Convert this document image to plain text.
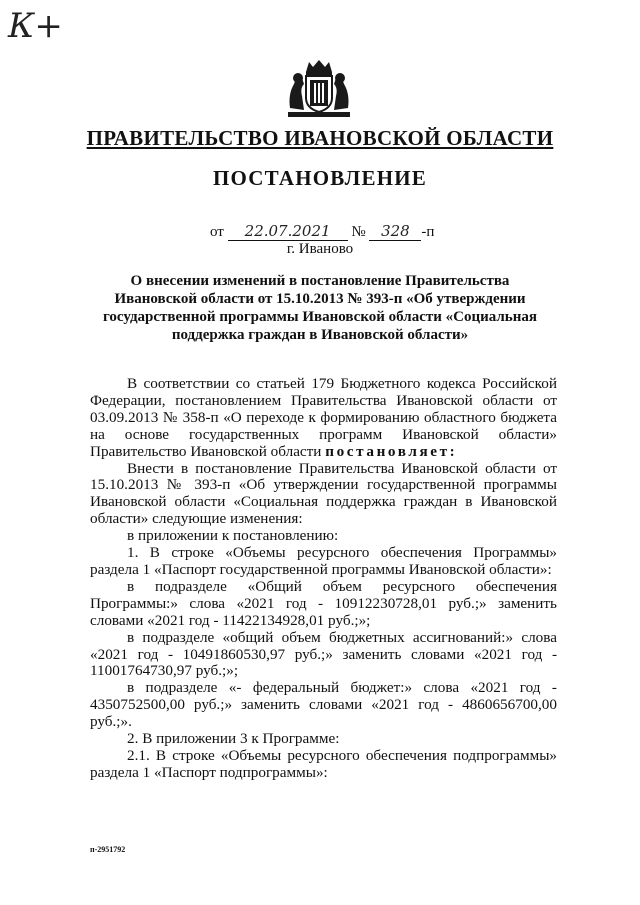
К+
ПРАВИТЕЛЬСТВО ИВАНОВСКОЙ ОБЛАСТИ
ПОСТАНОВЛЕНИЕ
от 22.07.2021 № 328 -п
г. Иваново
О внесении изменений в постановление Правительства
Ивановской области от 15.10.2013 № 393-п «Об утверждении
государственной программы Ивановской области «Социальная
поддержка граждан в Ивановской области»

В соответствии со статьей 179 Бюджетного кодекса Российской Федерации, постановлением Правительства Ивановской области от 03.09.2013 № 358-п «О переходе к формированию областного бюджета на основе государственных программ Ивановской области» Правительство Ивановской области постановляет:

Внести в постановление Правительства Ивановской области от 15.10.2013 № 393-п «Об утверждении государственной программы Ивановской области «Социальная поддержка граждан в Ивановской области» следующие изменения:

в приложении к постановлению:

1. В строке «Объемы ресурсного обеспечения Программы» раздела 1 «Паспорт государственной программы Ивановской области»:

в подразделе «Общий объем ресурсного обеспечения Программы:» слова «2021 год - 10912230728,01 руб.;» заменить словами «2021 год - 11422134928,01 руб.;»;

в подразделе «общий объем бюджетных ассигнований:» слова «2021 год - 10491860530,97 руб.;» заменить словами «2021 год - 11001764730,97 руб.;»;

в подразделе «- федеральный бюджет:» слова «2021 год - 4350752500,00 руб.;» заменить словами «2021 год - 4860656700,00 руб.;».

2. В приложении 3 к Программе:

2.1. В строке «Объемы ресурсного обеспечения подпрограммы» раздела 1 «Паспорт подпрограммы»:

п-2951792
